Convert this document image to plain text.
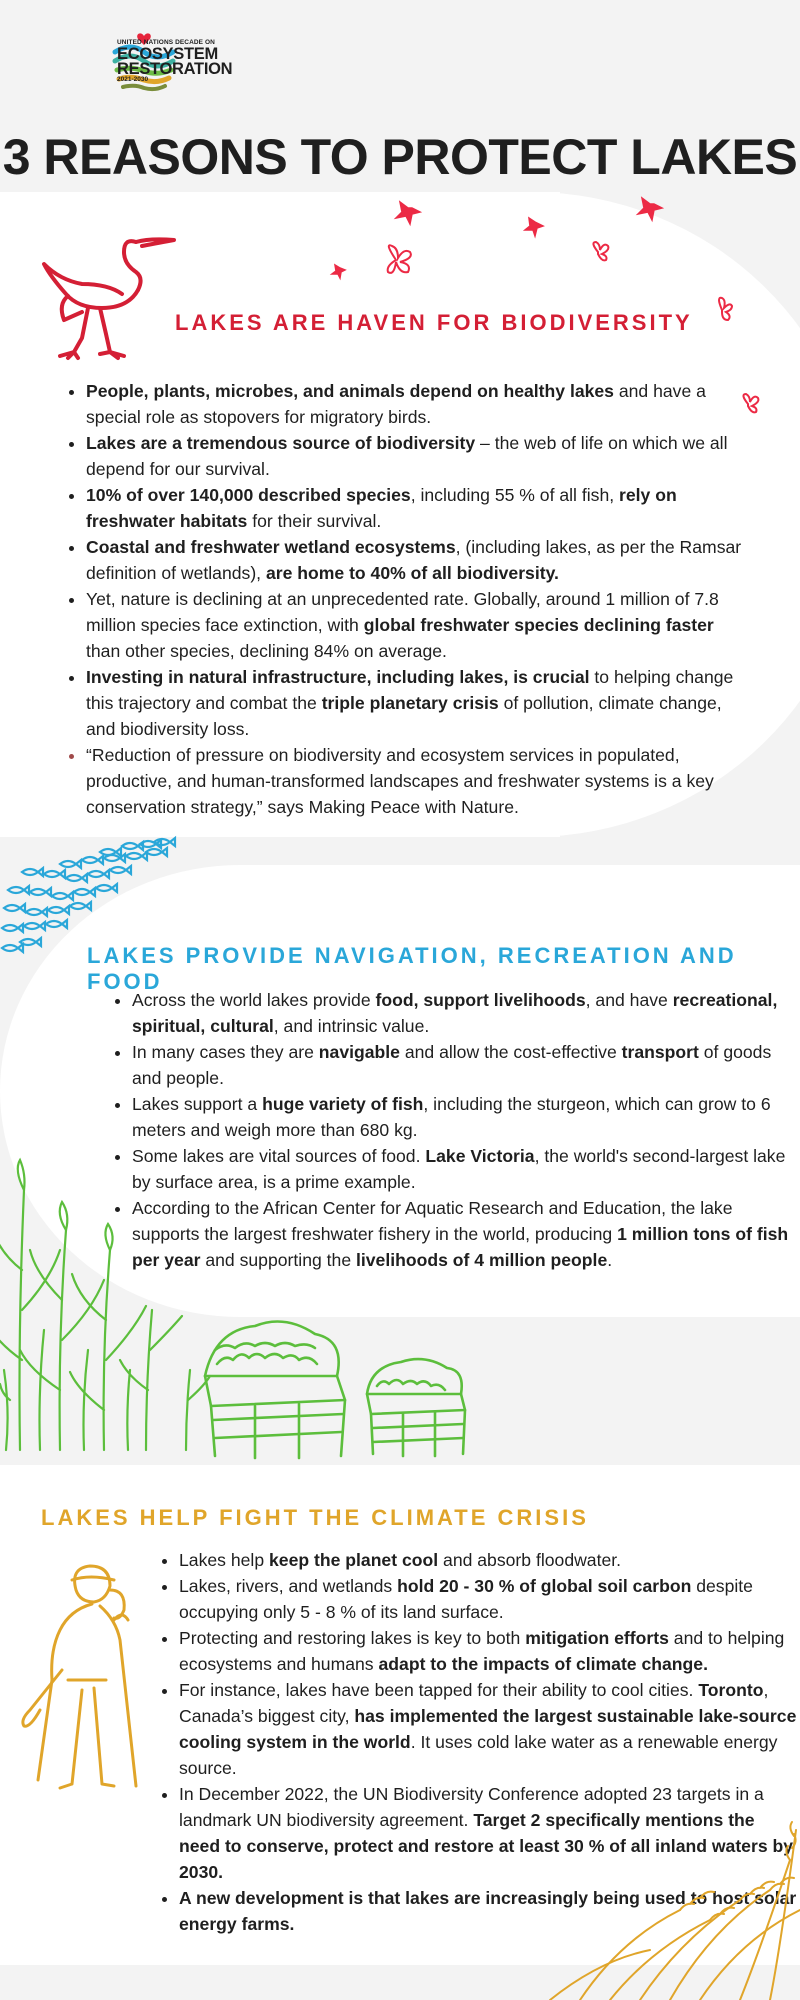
UNITED NATIONS DECADE ON
ECOSYSTEM
RESTORATION
2021-2030
3 REASONS TO PROTECT LAKES
LAKES ARE HAVEN FOR BIODIVERSITY
• People, plants, microbes, and animals depend on healthy lakes and have a special role as stopovers for migratory birds.
• Lakes are a tremendous source of biodiversity – the web of life on which we all depend for our survival.
• 10% of over 140,000 described species, including 55 % of all fish, rely on freshwater habitats for their survival.
• Coastal and freshwater wetland ecosystems, (including lakes, as per the Ramsar definition of wetlands), are home to 40% of all biodiversity.
• Yet, nature is declining at an unprecedented rate. Globally, around 1 million of 7.8 million species face extinction, with global freshwater species declining faster than other species, declining 84% on average.
• Investing in natural infrastructure, including lakes, is crucial to helping change this trajectory and combat the triple planetary crisis of pollution, climate change, and biodiversity loss.
• “Reduction of pressure on biodiversity and ecosystem services in populated, productive, and human-transformed landscapes and freshwater systems is a key conservation strategy,” says Making Peace with Nature.
LAKES PROVIDE NAVIGATION, RECREATION AND FOOD
• Across the world lakes provide food, support livelihoods, and have recreational, spiritual, cultural, and intrinsic value.
• In many cases they are navigable and allow the cost-effective transport of goods and people.
• Lakes support a huge variety of fish, including the sturgeon, which can grow to 6 meters and weigh more than 680 kg.
• Some lakes are vital sources of food. Lake Victoria, the world's second-largest lake by surface area, is a prime example.
• According to the African Center for Aquatic Research and Education, the lake supports the largest freshwater fishery in the world, producing 1 million tons of fish per year and supporting the livelihoods of 4 million people.
LAKES HELP FIGHT THE CLIMATE CRISIS
• Lakes help keep the planet cool and absorb floodwater.
• Lakes, rivers, and wetlands hold 20 - 30 % of global soil carbon despite occupying only 5 - 8 % of its land surface.
• Protecting and restoring lakes is key to both mitigation efforts and to helping ecosystems and humans adapt to the impacts of climate change.
• For instance, lakes have been tapped for their ability to cool cities. Toronto, Canada’s biggest city, has implemented the largest sustainable lake-source cooling system in the world. It uses cold lake water as a renewable energy source.
• In December 2022, the UN Biodiversity Conference adopted 23 targets in a landmark UN biodiversity agreement. Target 2 specifically mentions the need to conserve, protect and restore at least 30 % of all inland waters by 2030.
• A new development is that lakes are increasingly being used to host solar energy farms.
